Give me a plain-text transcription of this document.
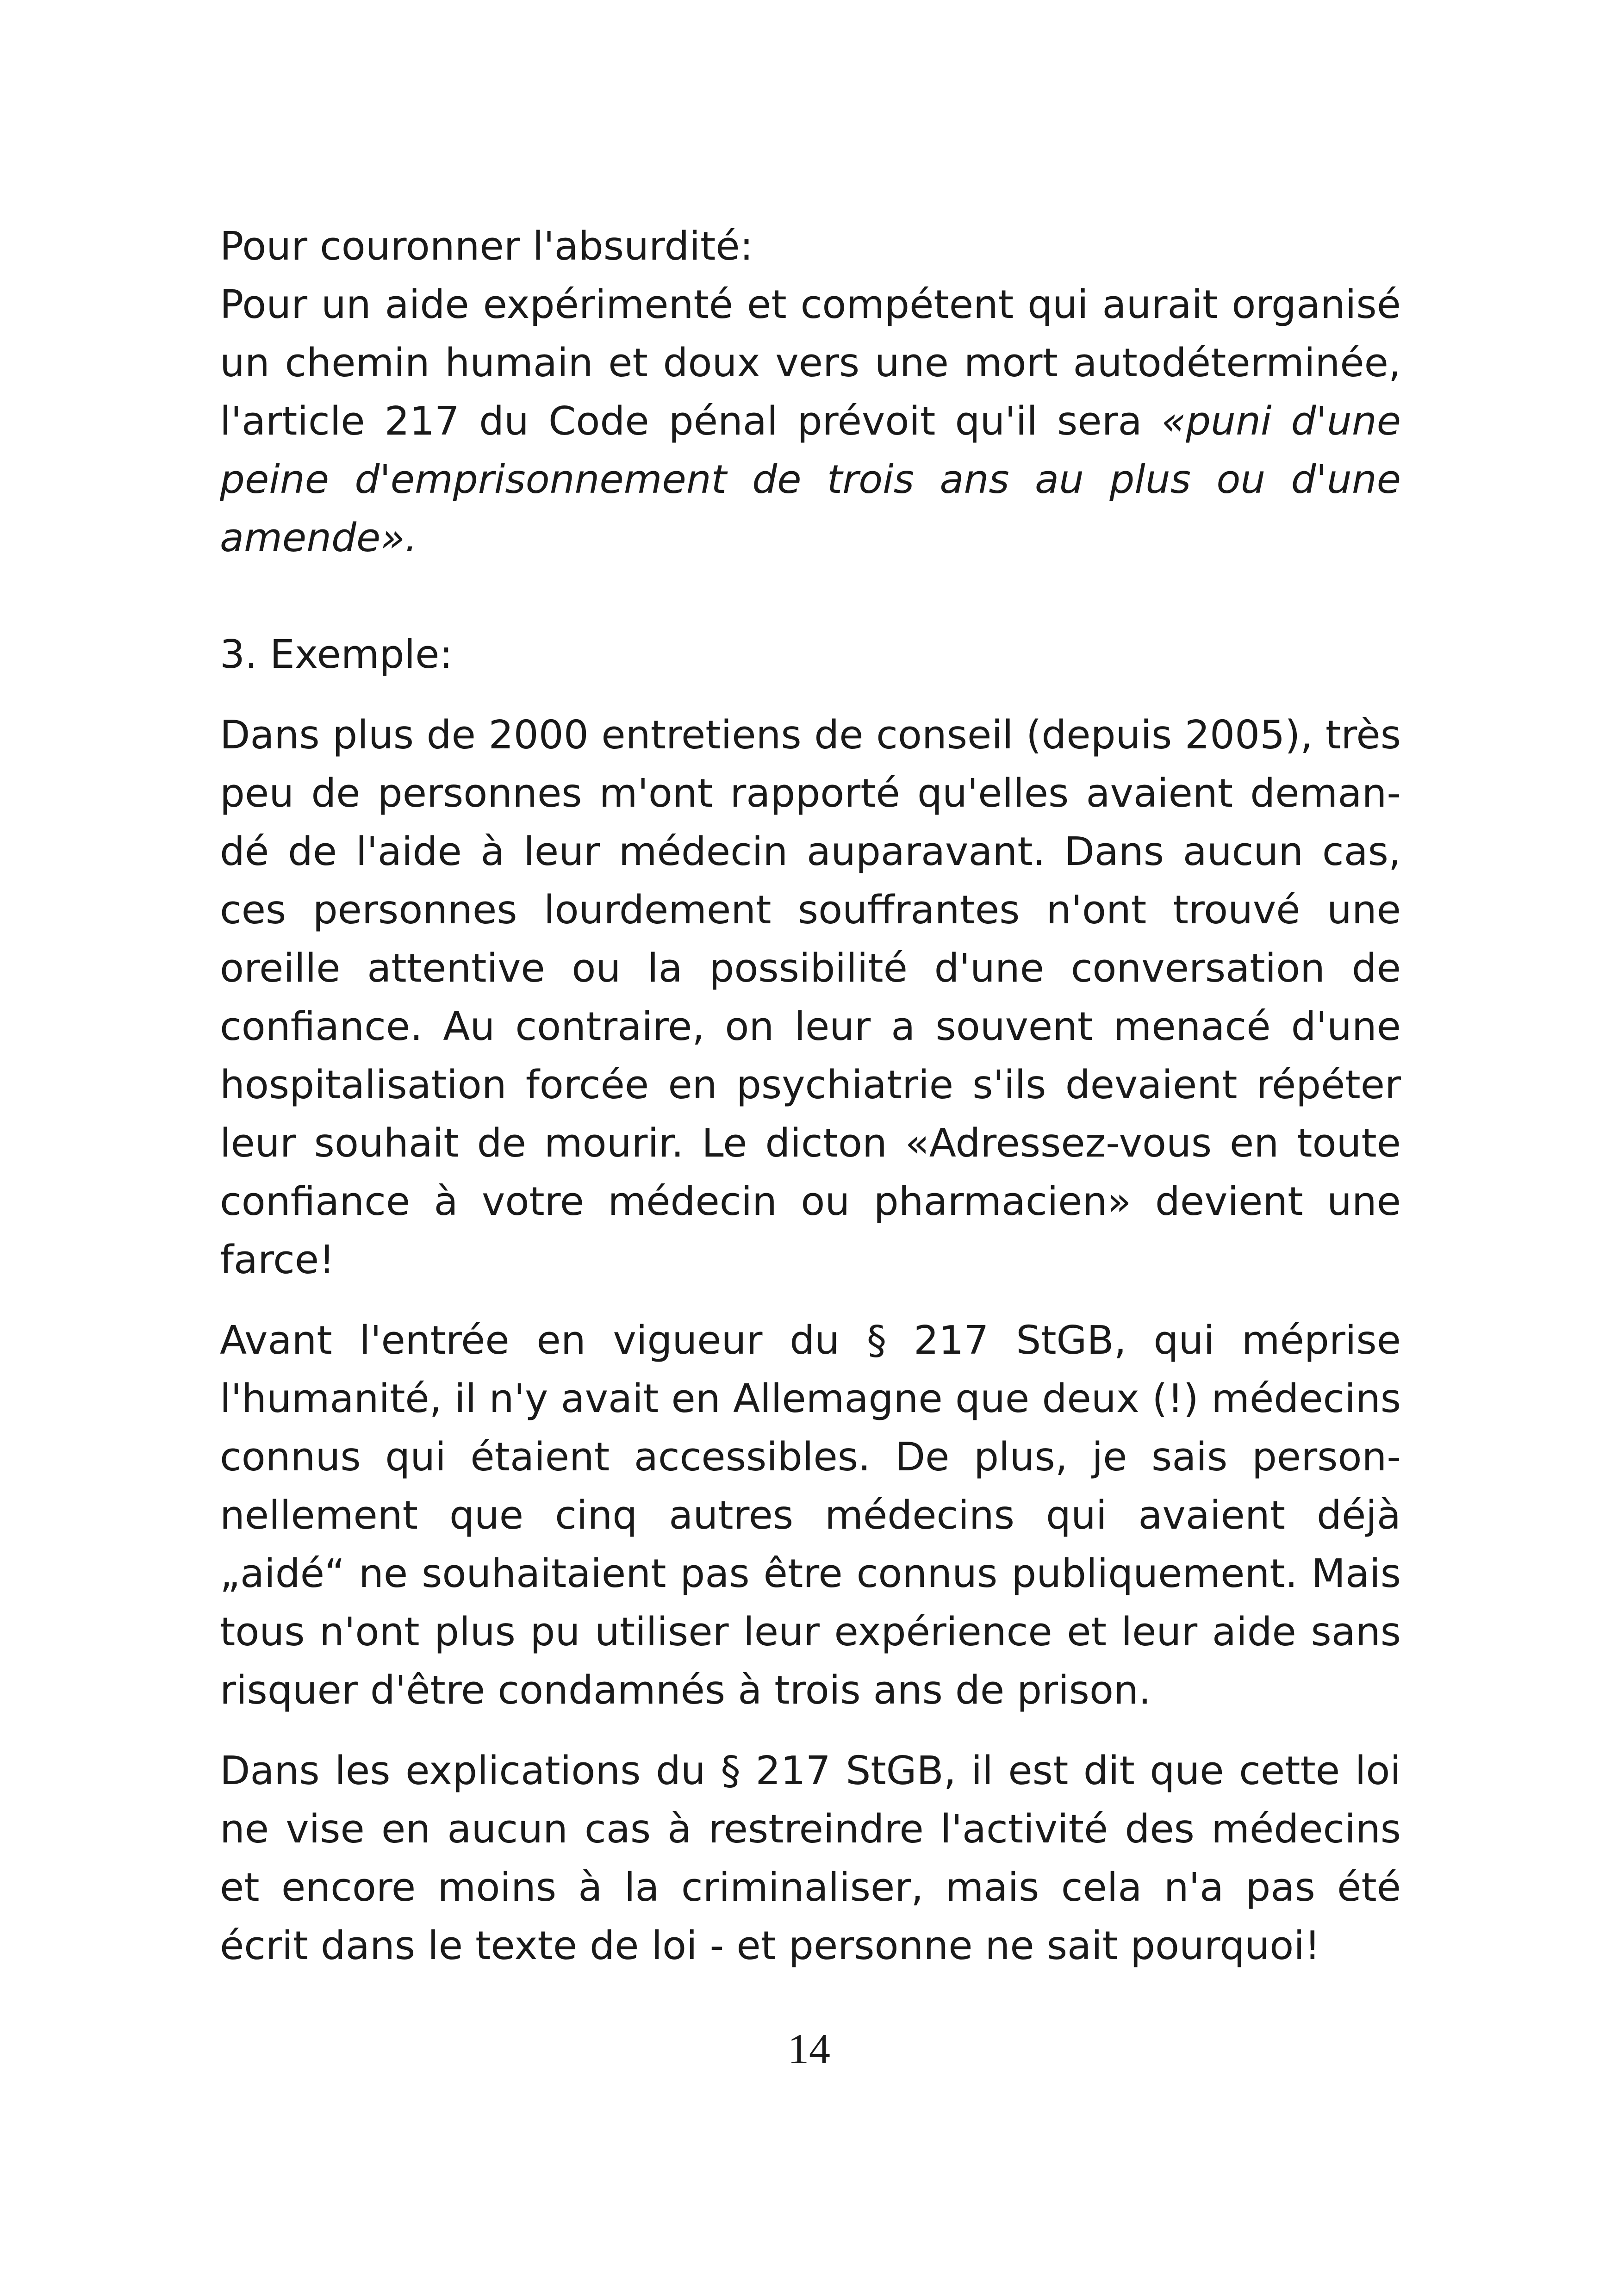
Pour couronner l'absurdité:

Pour un aide expérimenté et compétent qui aurait organisé un chemin humain et doux vers une mort autodéterminée, l'article 217 du Code pénal prévoit qu'il sera «puni d'une peine d'emprisonnement de trois ans au plus ou d'une amende».

3. Exemple:

Dans plus de 2000 entretiens de conseil (depuis 2005), très peu de personnes m'ont rapporté qu'elles avaient demandé de l'aide à leur médecin auparavant. Dans aucun cas, ces personnes lourdement souffrantes n'ont trouvé une oreille attentive ou la possibilité d'une conversation de confiance. Au contraire, on leur a souvent menacé d'une hospitalisation forcée en psychiatrie s'ils devaient répéter leur souhait de mourir. Le dicton «Adressez-vous en toute confiance à votre médecin ou pharmacien» devient une farce!

Avant l'entrée en vigueur du § 217 StGB, qui méprise l'humanité, il n'y avait en Allemagne que deux (!) médecins connus qui étaient accessibles. De plus, je sais personnellement que cinq autres médecins qui avaient déjà „aidé“ ne souhaitaient pas être connus publiquement. Mais tous n'ont plus pu utiliser leur expérience et leur aide sans risquer d'être condamnés à trois ans de prison.

Dans les explications du § 217 StGB, il est dit que cette loi ne vise en aucun cas à restreindre l'activité des médecins et encore moins à la criminaliser, mais cela n'a pas été écrit dans le texte de loi - et personne ne sait pourquoi!

14
